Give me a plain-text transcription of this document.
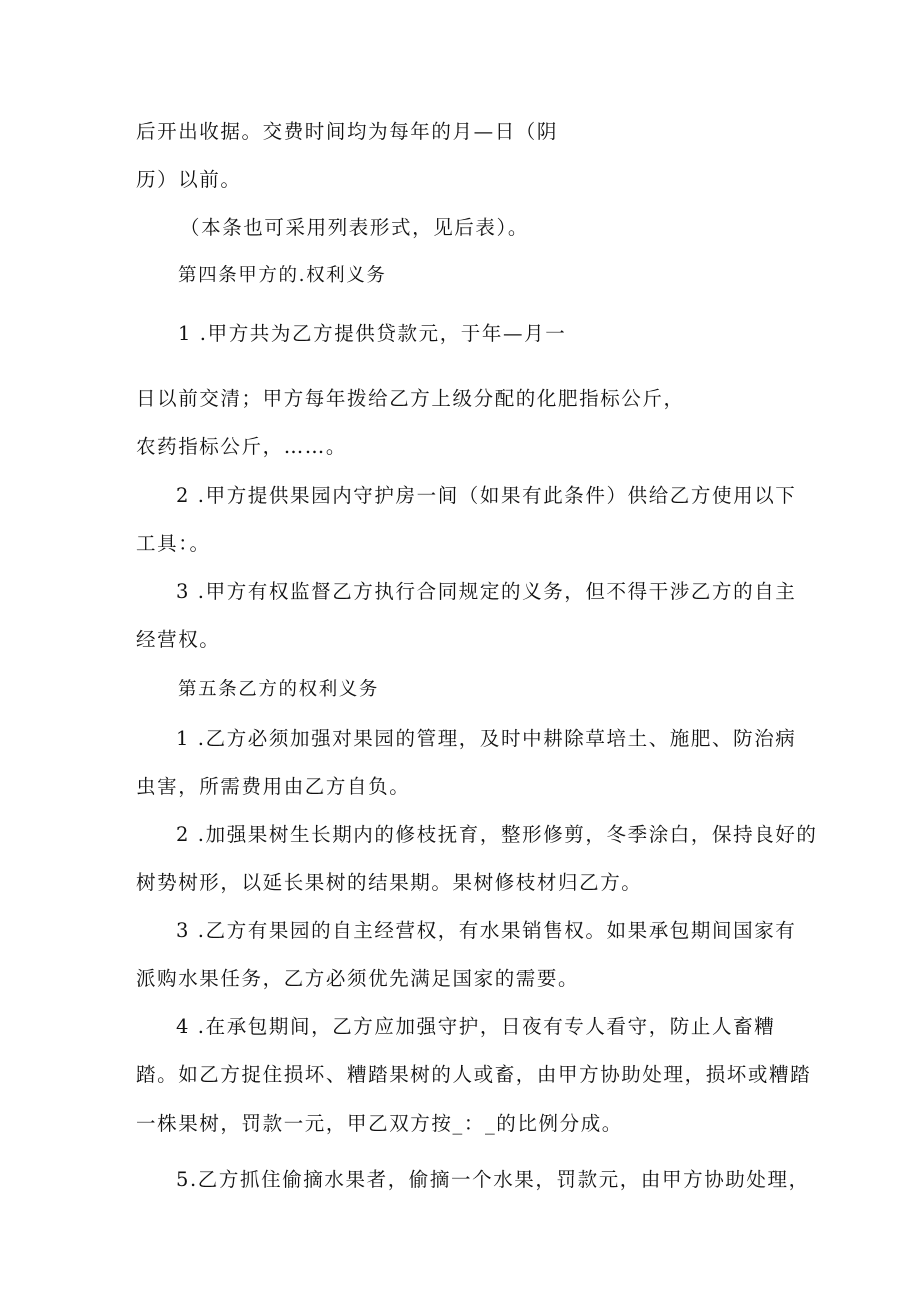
后开出收据。交费时间均为每年的月—日（阴
历）以前。
（本条也可采用列表形式，见后表）。
第四条甲方的.权利义务
1 .甲方共为乙方提供贷款元，于年—月一
日以前交清；甲方每年拨给乙方上级分配的化肥指标公斤，
农药指标公斤，……。
2 .甲方提供果园内守护房一间（如果有此条件）供给乙方使用以下
工具：。
3 .甲方有权监督乙方执行合同规定的义务，但不得干涉乙方的自主
经营权。
第五条乙方的权利义务
1 .乙方必须加强对果园的管理，及时中耕除草培土、施肥、防治病
虫害，所需费用由乙方自负。
2 .加强果树生长期内的修枝抚育，整形修剪，冬季涂白，保持良好的
树势树形，以延长果树的结果期。果树修枝材归乙方。
3 .乙方有果园的自主经营权，有水果销售权。如果承包期间国家有
派购水果任务，乙方必须优先满足国家的需要。
4 .在承包期间，乙方应加强守护，日夜有专人看守，防止人畜糟
踏。如乙方捉住损坏、糟踏果树的人或畜，由甲方协助处理，损坏或糟踏
一株果树，罚款一元，甲乙双方按_：_的比例分成。
5.乙方抓住偷摘水果者，偷摘一个水果，罚款元，由甲方协助处理，
